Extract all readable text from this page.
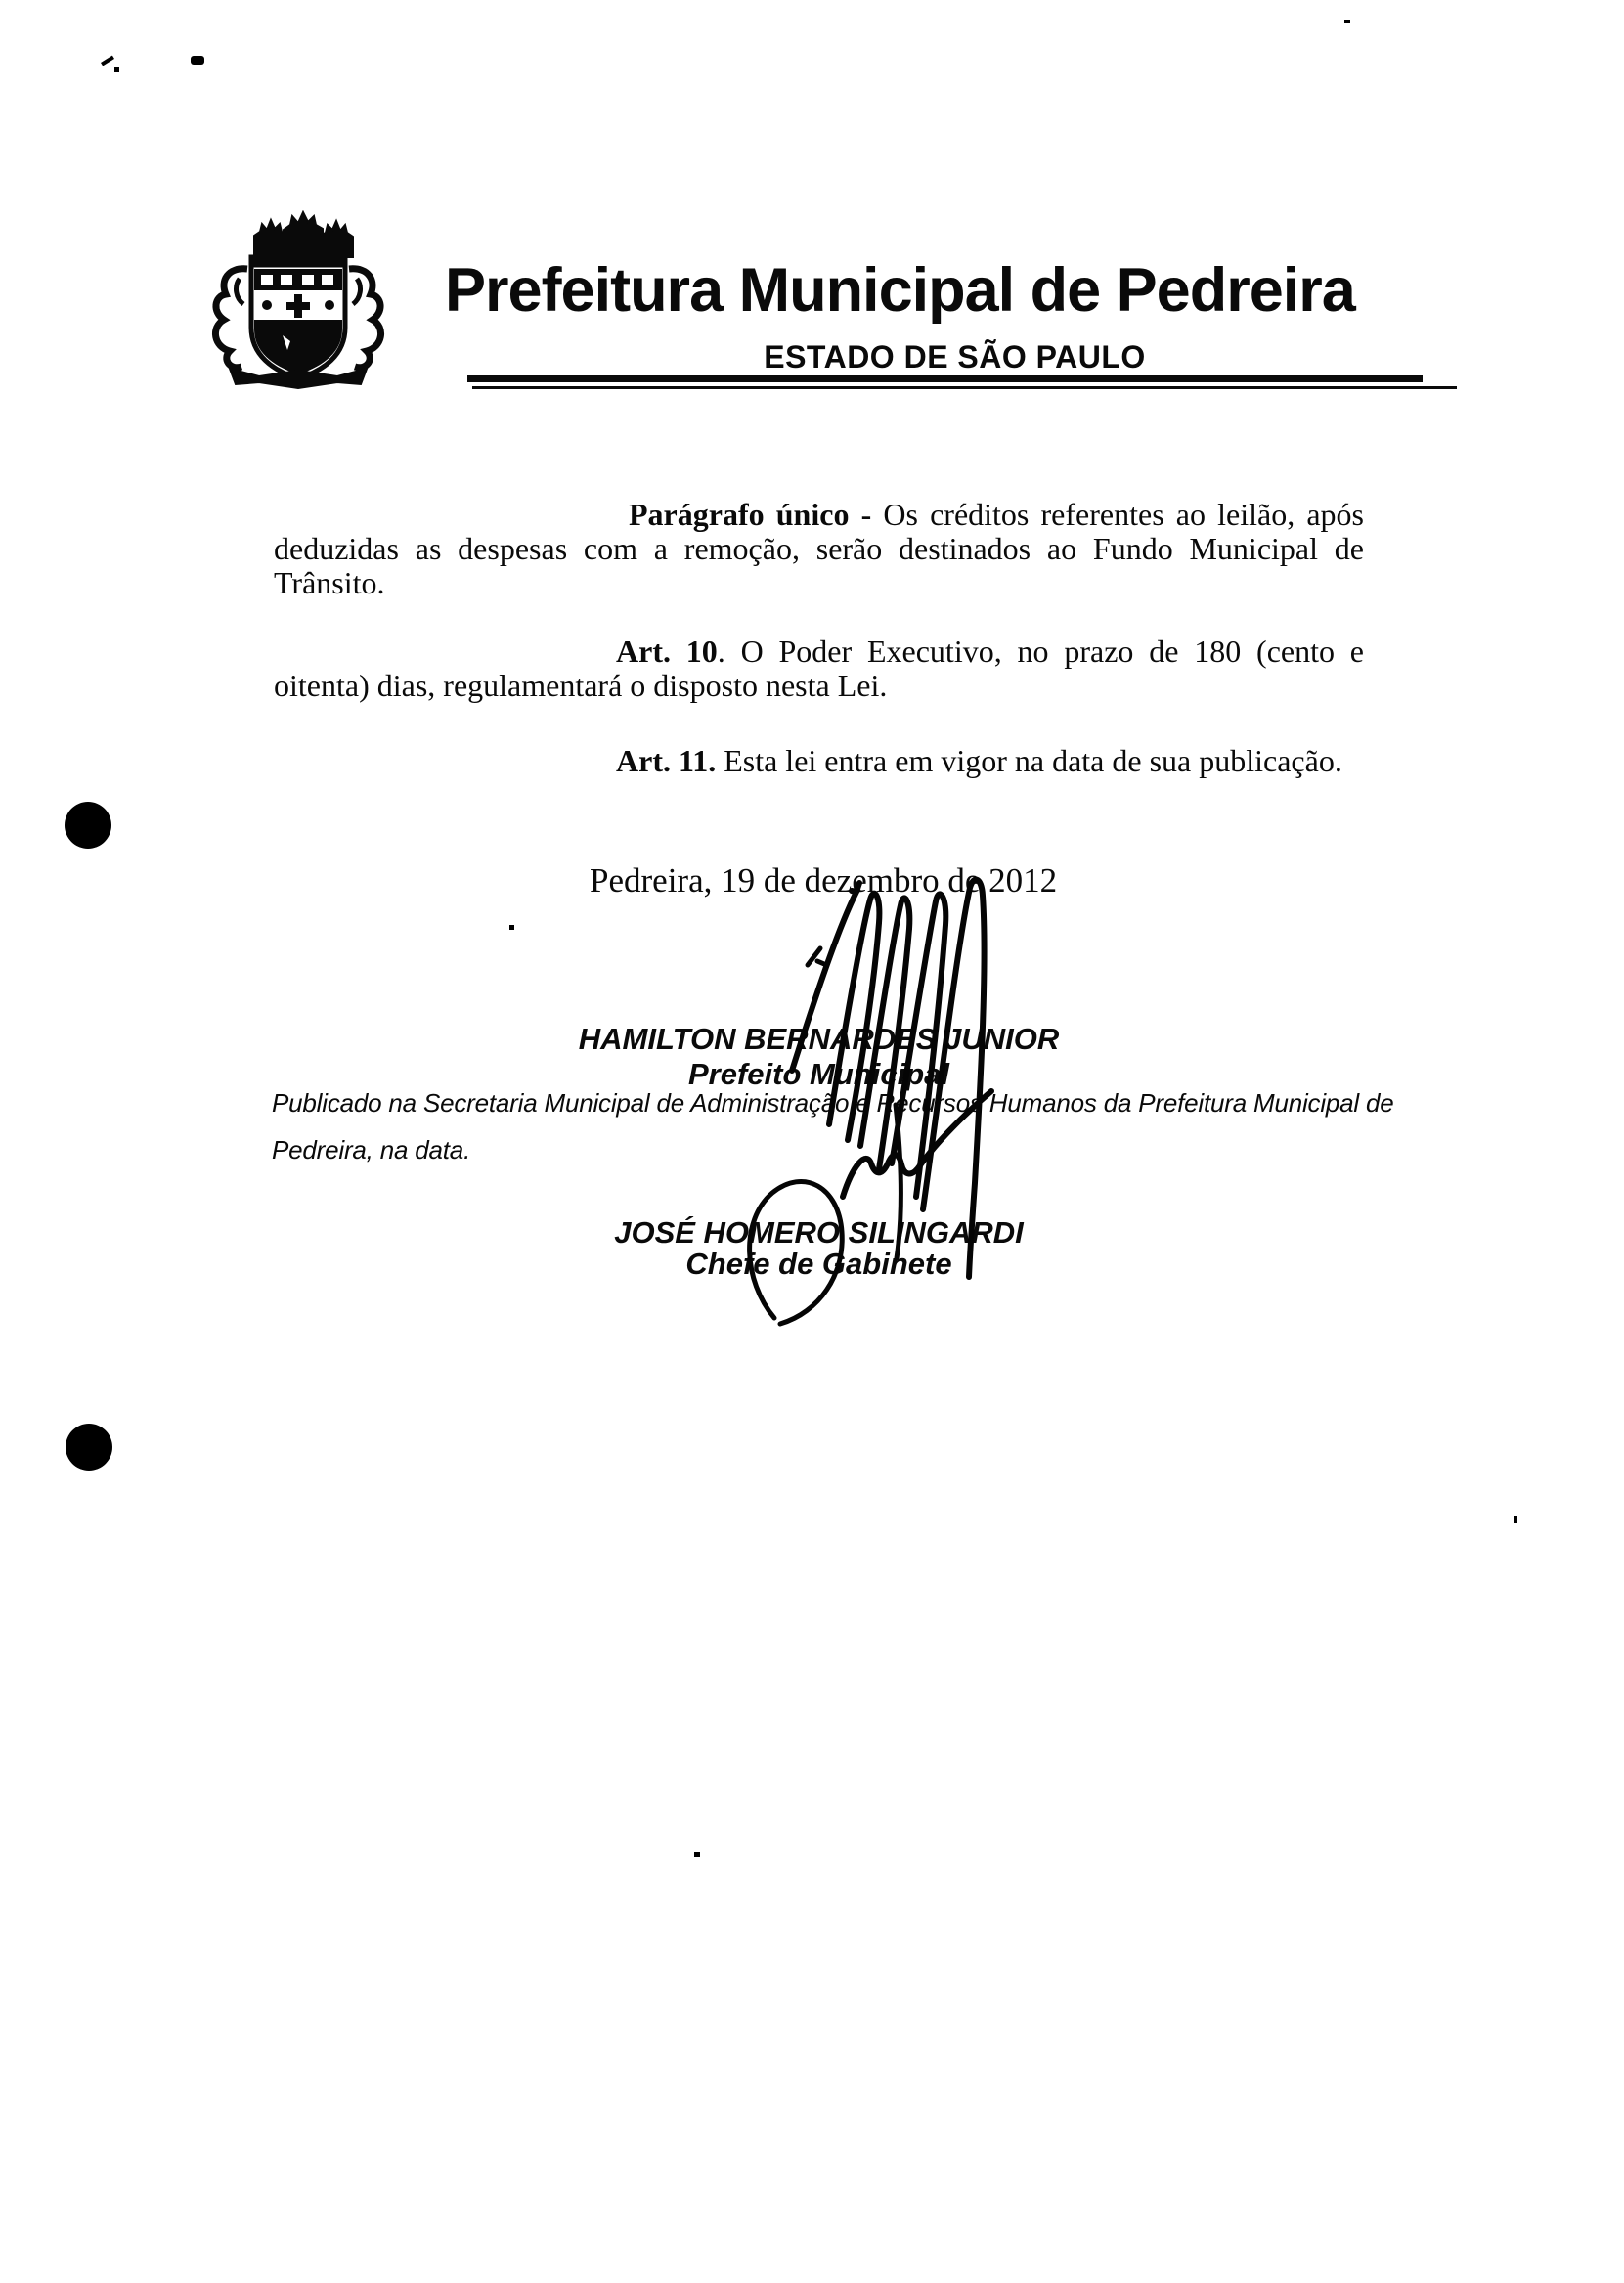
Prefeitura Municipal de Pedreira
ESTADO DE SÃO PAULO
Parágrafo único - Os créditos referentes ao leilão, após
deduzidas as despesas com a remoção, serão destinados ao Fundo Municipal de
Trânsito.
Art. 10. O Poder Executivo, no prazo de 180 (cento e
oitenta) dias, regulamentará o disposto nesta Lei.
Art. 11. Esta lei entra em vigor na data de sua publicação.
Pedreira, 19 de dezembro de 2012
HAMILTON BERNARDES JUNIOR
Prefeito Municipal
Publicado na Secretaria Municipal de Administração e Recursos Humanos da Prefeitura Municipal de
Pedreira, na data.
JOSÉ HOMERO SILINGARDI
Chefe de Gabinete
